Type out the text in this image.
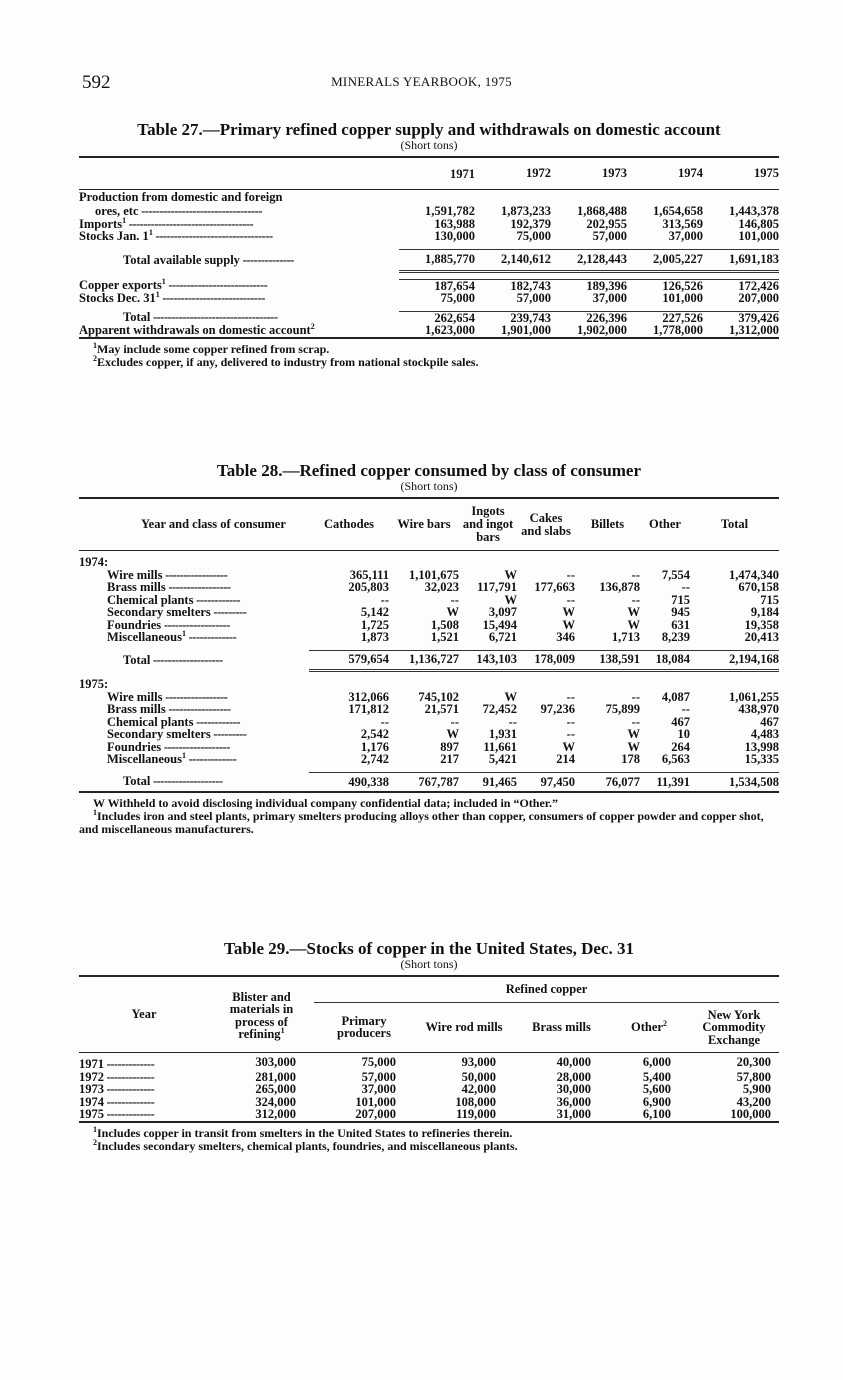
592	MINERALS YEARBOOK, 1975
Table 27.—Primary refined copper supply and withdrawals on domestic account
(Short tons)
	1971	1972	1973	1974	1975
Production from domestic and foreign					
ores, etc ---------------------------------	1,591,782	1,873,233	1,868,488	1,654,658	1,443,378
Imports$^1$ ----------------------------------	163,988	192,379	202,955	313,569	146,805
Stocks Jan. $1^1$ --------------------------------	130,000	75,000	57,000	37,000	101,000

Total available supply --------------	1,885,770	2,140,612	2,128,443	2,005,227	1,691,183

Copper exports$^1$ ---------------------------	187,654	182,743	189,396	126,526	172,426
Stocks Dec. $31^1$ ----------------------------	75,000	57,000	37,000	101,000	207,000

Total ----------------------------------	262,654	239,743	226,396	227,526	379,426
Apparent withdrawals on domestic account$^2$	1,623,000	1,901,000	1,902,000	1,778,000	1,312,000

$^1$May include some copper refined from scrap.

$^2$Excludes copper, if any, delivered to industry from national stockpile sales.

Table 28.—Refined copper consumed by class of consumer
(Short tons)
Year and class of consumer	Cathodes	Wire bars	Ingots and ingot bars	Cakes and slabs	Billets	Other	Total
1974:							
Wire mills -----------------	365,111	1,101,675	W	--	--	7,554	1,474,340
Brass mills -----------------	205,803	32,023	117,791	177,663	136,878	--	670,158
Chemical plants ------------	--	--	W	--	--	715	715
Secondary smelters ---------	5,142	W	3,097	W	W	945	9,184
Foundries ------------------	1,725	1,508	15,494	W	W	631	19,358
Miscellaneous$^1$ -------------	1,873	1,521	6,721	346	1,713	8,239	20,413

Total -------------------	579,654	1,136,727	143,103	178,009	138,591	18,084	2,194,168
1975:							
Wire mills -----------------	312,066	745,102	W	--	--	4,087	1,061,255
Brass mills -----------------	171,812	21,571	72,452	97,236	75,899	--	438,970
Chemical plants ------------	--	--	--	--	--	467	467
Secondary smelters ---------	2,542	W	1,931	--	W	10	4,483
Foundries ------------------	1,176	897	11,661	W	W	264	13,998
Miscellaneous$^1$ -------------	2,742	217	5,421	214	178	6,563	15,335

Total -------------------	490,338	767,787	91,465	97,450	76,077	11,391	1,534,508

W Withheld to avoid disclosing individual company confidential data; included in “Other.”

$^1$Includes iron and steel plants, primary smelters producing alloys other than copper, consumers of copper powder and copper shot, and miscellaneous manufacturers.

Table 29.—Stocks of copper in the United States, Dec. 31
(Short tons)
Year	Blister and materials in process of refining$^1$	Refined copper				
		Primary producers	Wire rod mills	Brass mills	Other$^2$	New York Commodity Exchange
1971 -------------	303,000	75,000	93,000	40,000	6,000	20,300
1972 -------------	281,000	57,000	50,000	28,000	5,400	57,800
1973 -------------	265,000	37,000	42,000	30,000	5,600	5,900
1974 -------------	324,000	101,000	108,000	36,000	6,900	43,200
1975 -------------	312,000	207,000	119,000	31,000	6,100	100,000

$^1$Includes copper in transit from smelters in the United States to refineries therein.

$^2$Includes secondary smelters, chemical plants, foundries, and miscellaneous plants.
